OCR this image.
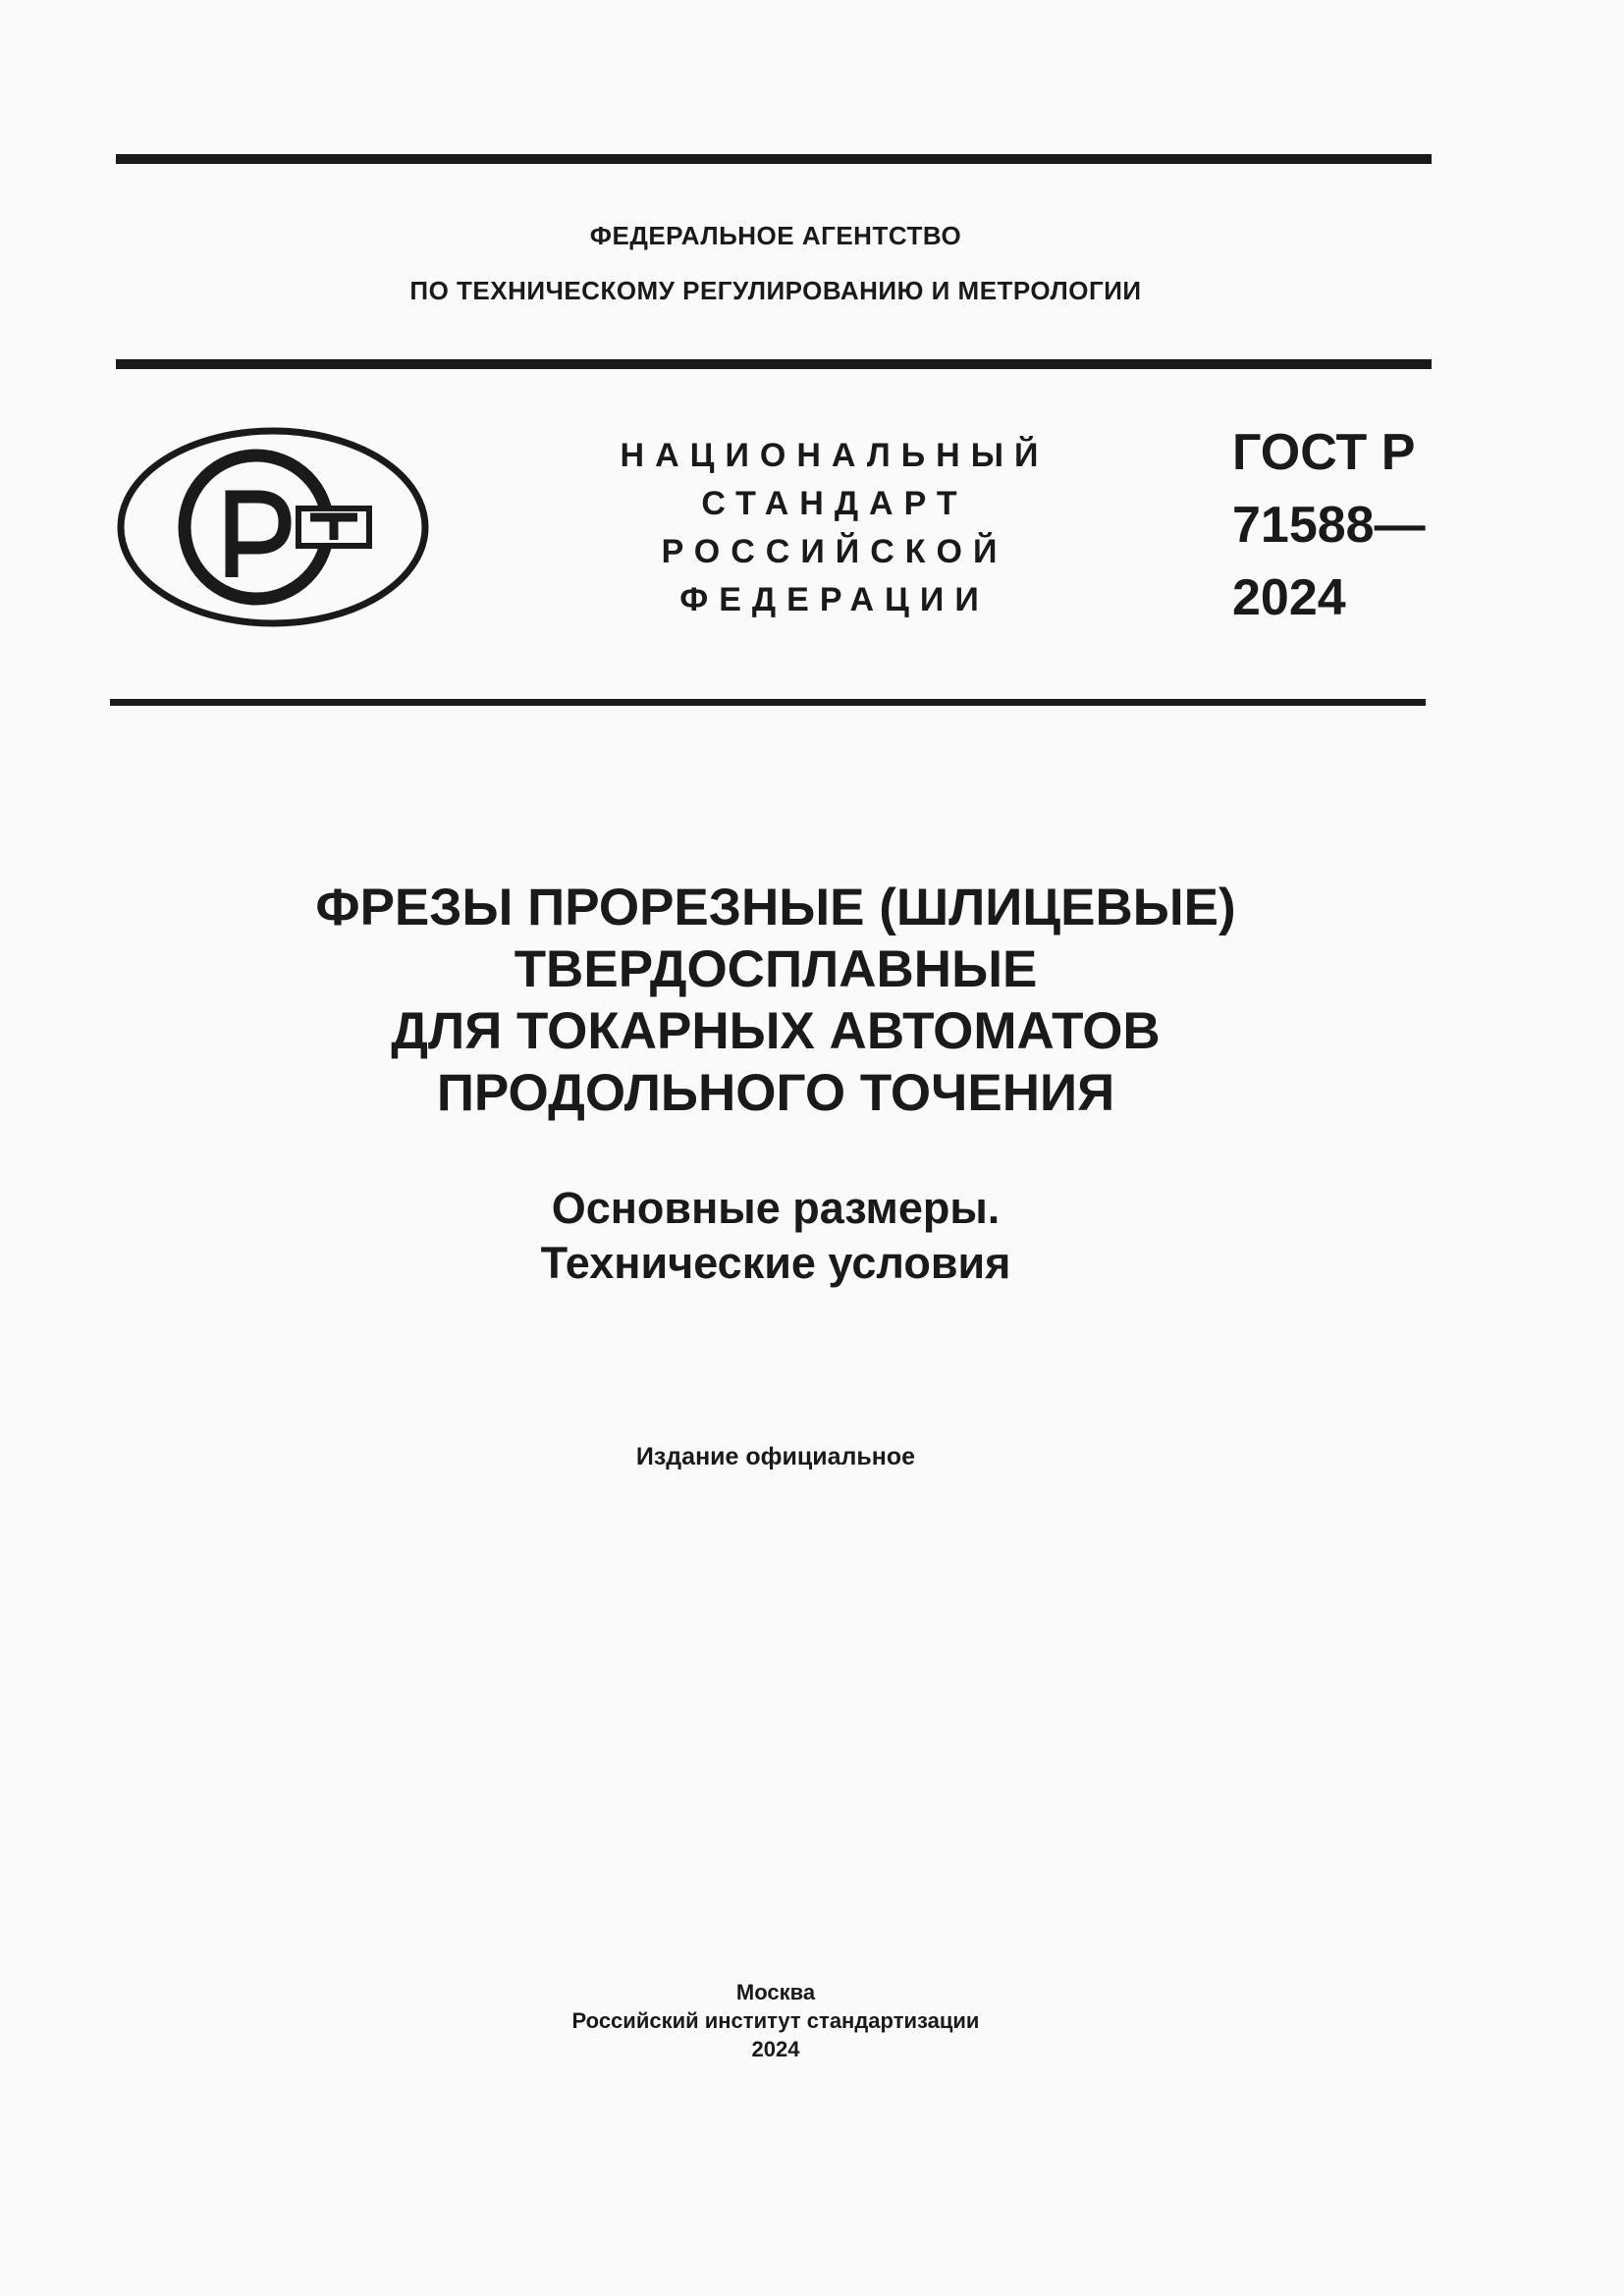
ФЕДЕРАЛЬНОЕ АГЕНТСТВО
ПО ТЕХНИЧЕСКОМУ РЕГУЛИРОВАНИЮ И МЕТРОЛОГИИ
НАЦИОНАЛЬНЫЙ
СТАНДАРТ
РОССИЙСКОЙ
ФЕДЕРАЦИИ
ГОСТ Р
71588—
2024
ФРЕЗЫ ПРОРЕЗНЫЕ (ШЛИЦЕВЫЕ)
ТВЕРДОСПЛАВНЫЕ
ДЛЯ ТОКАРНЫХ АВТОМАТОВ
ПРОДОЛЬНОГО ТОЧЕНИЯ
Основные размеры.
Технические условия
Издание официальное
Москва
Российский институт стандартизации
2024
